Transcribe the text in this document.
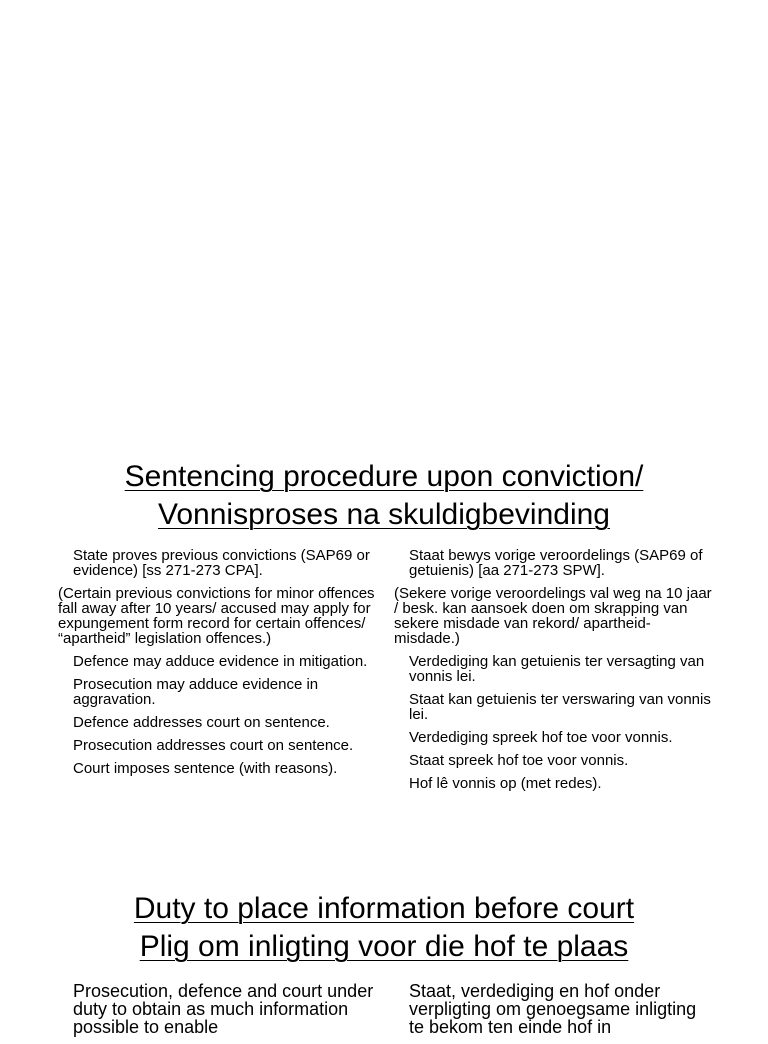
Sentencing procedure upon conviction/
Vonnisproses na skuldigbevinding

State proves previous convictions (SAP69 or evidence) [ss 271-273 CPA].

(Certain previous convictions for minor offences fall away after 10 years/ accused may apply for expungement form record for certain offences/ “apartheid” legislation offences.)

Defence may adduce evidence in mitigation.

Prosecution may adduce evidence in aggravation.

Defence addresses court on sentence.

Prosecution addresses court on sentence.

Court imposes sentence (with reasons).

Staat bewys vorige veroordelings (SAP69 of getuienis) [aa 271-273 SPW].

(Sekere vorige veroordelings val weg na 10 jaar / besk. kan aansoek doen om skrapping van sekere misdade van rekord/ apartheid-misdade.)

Verdediging kan getuienis ter versagting van vonnis lei.

Staat kan getuienis ter verswaring van vonnis lei.

Verdediging spreek hof toe voor vonnis.

Staat spreek hof toe voor vonnis.

Hof lê vonnis op (met redes).

Duty to place information before court
Plig om inligting voor die hof te plaas

Prosecution, defence and court under duty to obtain as much information possible to enable

Staat, verdediging en hof onder verpligting om genoegsame inligting te bekom ten einde hof in
